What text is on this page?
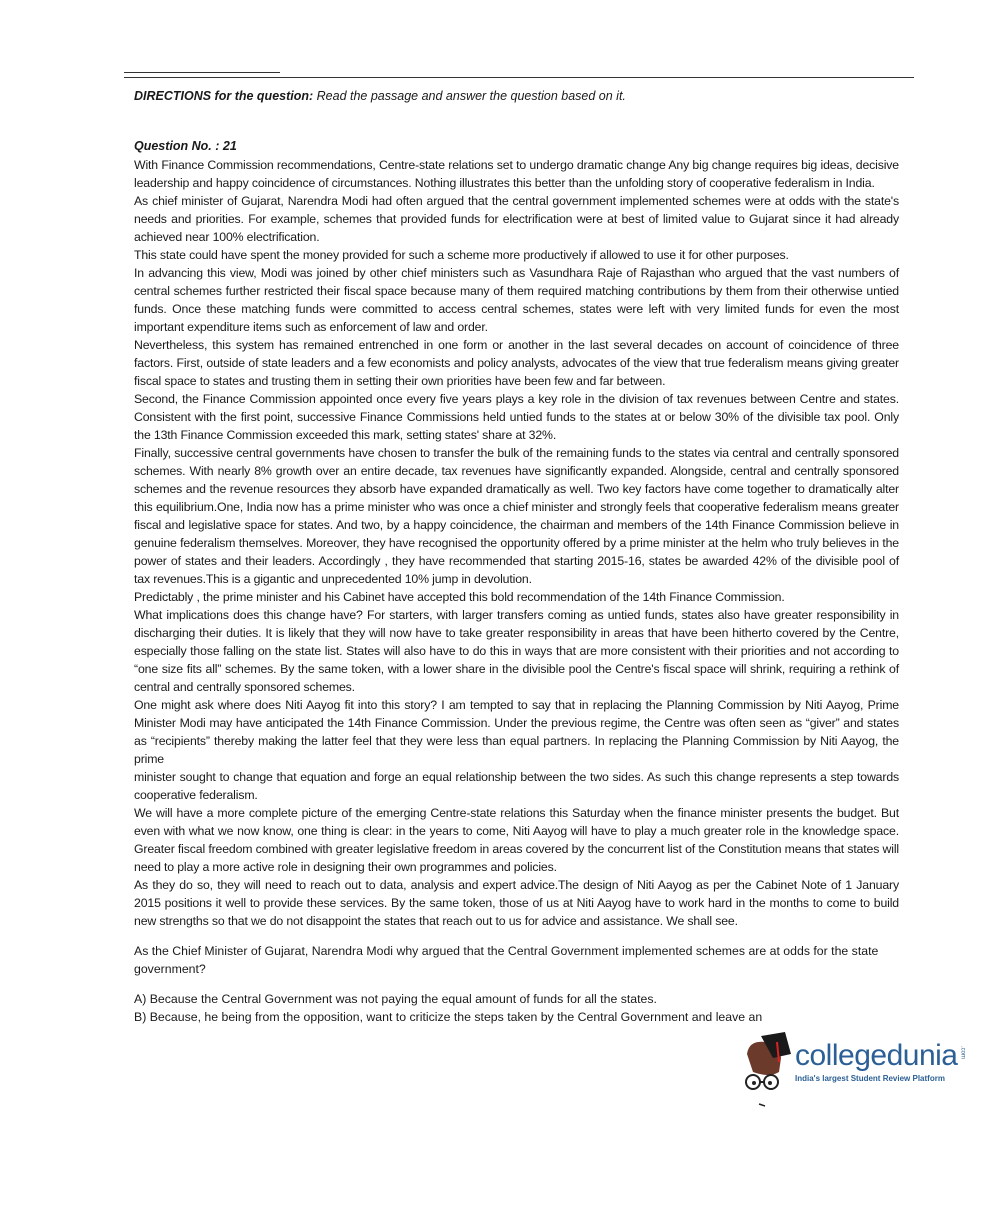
DIRECTIONS for the question: Read the passage and answer the question based on it.
Question No. : 21

With Finance Commission recommendations, Centre-state relations set to undergo dramatic change Any big change requires big ideas, decisive leadership and happy coincidence of circumstances. Nothing illustrates this better than the unfolding story of cooperative federalism in India.

As chief minister of Gujarat, Narendra Modi had often argued that the central government implemented schemes were at odds with the state's needs and priorities. For example, schemes that provided funds for electrification were at best of limited value to Gujarat since it had already achieved near 100% electrification.

This state could have spent the money provided for such a scheme more productively if allowed to use it for other purposes.

In advancing this view, Modi was joined by other chief ministers such as Vasundhara Raje of Rajasthan who argued that the vast numbers of central schemes further restricted their fiscal space because many of them required matching contributions by them from their otherwise untied funds. Once these matching funds were committed to access central schemes, states were left with very limited funds for even the most important expenditure items such as enforcement of law and order.

Nevertheless, this system has remained entrenched in one form or another in the last several decades on account of coincidence of three factors. First, outside of state leaders and a few economists and policy analysts, advocates of the view that true federalism means giving greater fiscal space to states and trusting them in setting their own priorities have been few and far between.

Second, the Finance Commission appointed once every five years plays a key role in the division of tax revenues between Centre and states. Consistent with the first point, successive Finance Commissions held untied funds to the states at or below 30% of the divisible tax pool. Only the 13th Finance Commission exceeded this mark, setting states' share at 32%.

Finally, successive central governments have chosen to transfer the bulk of the remaining funds to the states via central and centrally sponsored schemes. With nearly 8% growth over an entire decade, tax revenues have significantly expanded. Alongside, central and centrally sponsored schemes and the revenue resources they absorb have expanded dramatically as well. Two key factors have come together to dramatically alter this equilibrium.One, India now has a prime minister who was once a chief minister and strongly feels that cooperative federalism means greater fiscal and legislative space for states. And two, by a happy coincidence, the chairman and members of the 14th Finance Commission believe in genuine federalism themselves. Moreover, they have recognised the opportunity offered by a prime minister at the helm who truly believes in the power of states and their leaders. Accordingly , they have recommended that starting 2015-16, states be awarded 42% of the divisible pool of tax revenues.This is a gigantic and unprecedented 10% jump in devolution.

Predictably , the prime minister and his Cabinet have accepted this bold recommendation of the 14th Finance Commission.

What implications does this change have? For starters, with larger transfers coming as untied funds, states also have greater responsibility in discharging their duties. It is likely that they will now have to take greater responsibility in areas that have been hitherto covered by the Centre, especially those falling on the state list. States will also have to do this in ways that are more consistent with their priorities and not according to “one size fits all” schemes. By the same token, with a lower share in the divisible pool the Centre's fiscal space will shrink, requiring a rethink of central and centrally sponsored schemes.

One might ask where does Niti Aayog fit into this story? I am tempted to say that in replacing the Planning Commission by Niti Aayog, Prime Minister Modi may have anticipated the 14th Finance Commission. Under the previous regime, the Centre was often seen as “giver” and states as “recipients” thereby making the latter feel that they were less than equal partners. In replacing the Planning Commission by Niti Aayog, the prime

minister sought to change that equation and forge an equal relationship between the two sides. As such this change represents a step towards cooperative federalism.

We will have a more complete picture of the emerging Centre-state relations this Saturday when the finance minister presents the budget. But even with what we now know, one thing is clear: in the years to come, Niti Aayog will have to play a much greater role in the knowledge space. Greater fiscal freedom combined with greater legislative freedom in areas covered by the concurrent list of the Constitution means that states will need to play a more active role in designing their own programmes and policies.

As they do so, they will need to reach out to data, analysis and expert advice.The design of Niti Aayog as per the Cabinet Note of 1 January 2015 positions it well to provide these services. By the same token, those of us at Niti Aayog have to work hard in the months to come to build new strengths so that we do not disappoint the states that reach out to us for advice and assistance. We shall see.

As the Chief Minister of Gujarat, Narendra Modi why argued that the Central Government implemented schemes are at odds for the state government?
A) Because the Central Government was not paying the equal amount of funds for all the states.
B) Because, he being from the opposition, want to criticize the steps taken by the Central Government and leave an
collegedunia .com
India's largest Student Review Platform
